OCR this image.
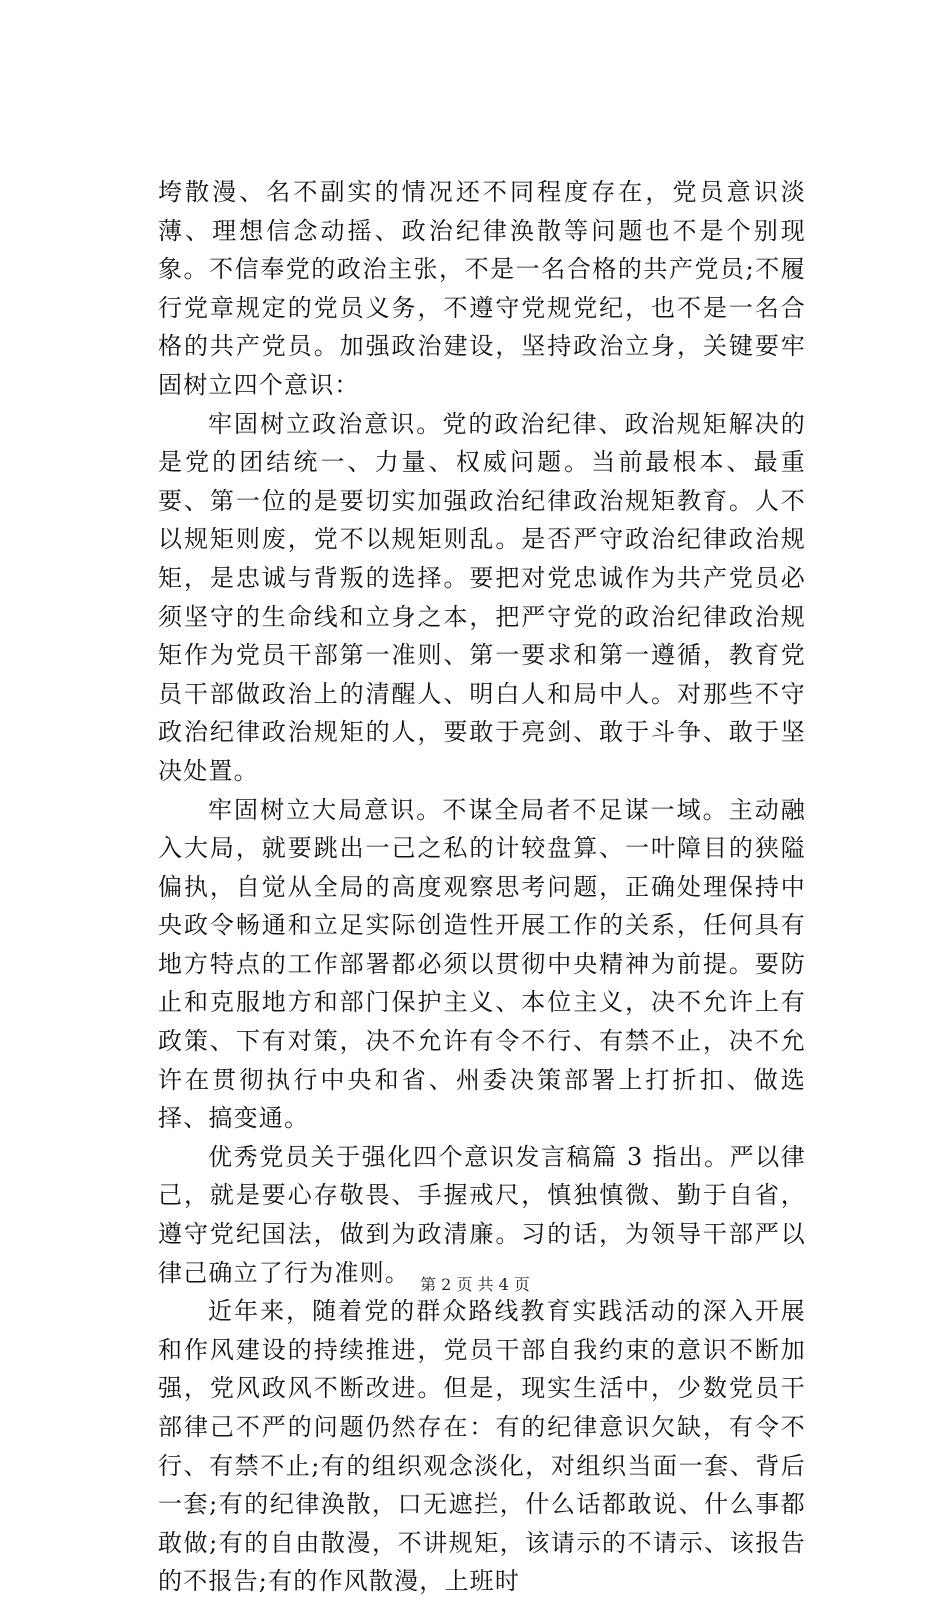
垮散漫、名不副实的情况还不同程度存在，党员意识淡薄、理想信念动摇、政治纪律涣散等问题也不是个别现象。不信奉党的政治主张，不是一名合格的共产党员;不履行党章规定的党员义务，不遵守党规党纪，也不是一名合格的共产党员。加强政治建设，坚持政治立身，关键要牢固树立四个意识：

牢固树立政治意识。党的政治纪律、政治规矩解决的是党的团结统一、力量、权威问题。当前最根本、最重要、第一位的是要切实加强政治纪律政治规矩教育。人不以规矩则废，党不以规矩则乱。是否严守政治纪律政治规矩，是忠诚与背叛的选择。要把对党忠诚作为共产党员必须坚守的生命线和立身之本，把严守党的政治纪律政治规矩作为党员干部第一准则、第一要求和第一遵循，教育党员干部做政治上的清醒人、明白人和局中人。对那些不守政治纪律政治规矩的人，要敢于亮剑、敢于斗争、敢于坚决处置。

牢固树立大局意识。不谋全局者不足谋一域。主动融入大局，就要跳出一己之私的计较盘算、一叶障目的狭隘偏执，自觉从全局的高度观察思考问题，正确处理保持中央政令畅通和立足实际创造性开展工作的关系，任何具有地方特点的工作部署都必须以贯彻中央精神为前提。要防止和克服地方和部门保护主义、本位主义，决不允许上有政策、下有对策，决不允许有令不行、有禁不止，决不允许在贯彻执行中央和省、州委决策部署上打折扣、做选择、搞变通。

优秀党员关于强化四个意识发言稿篇 3 指出。严以律己，就是要心存敬畏、手握戒尺，慎独慎微、勤于自省，遵守党纪国法，做到为政清廉。习的话，为领导干部严以律己确立了行为准则。

近年来，随着党的群众路线教育实践活动的深入开展和作风建设的持续推进，党员干部自我约束的意识不断加强，党风政风不断改进。但是，现实生活中，少数党员干部律己不严的问题仍然存在：有的纪律意识欠缺，有令不行、有禁不止;有的组织观念淡化，对组织当面一套、背后一套;有的纪律涣散，口无遮拦，什么话都敢说、什么事都敢做;有的自由散漫，不讲规矩，该请示的不请示、该报告的不报告;有的作风散漫，上班时

第 2 页 共 4 页
